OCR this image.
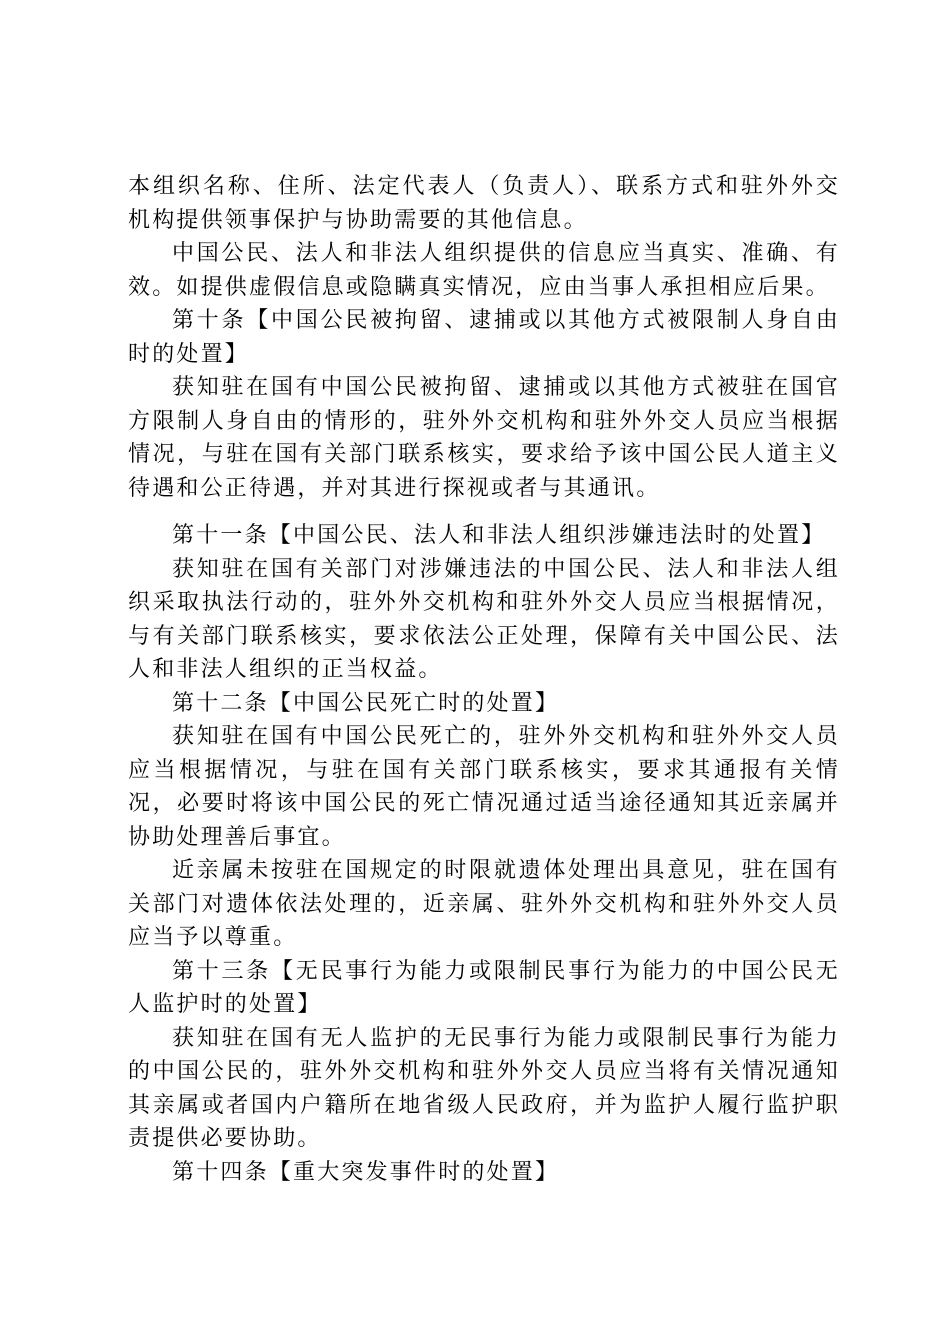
本组织名称、住所、法定代表人（负责人）、联系方式和驻外外交机构提供领事保护与协助需要的其他信息。

中国公民、法人和非法人组织提供的信息应当真实、准确、有效。如提供虚假信息或隐瞒真实情况，应由当事人承担相应后果。

第十条【中国公民被拘留、逮捕或以其他方式被限制人身自由时的处置】

获知驻在国有中国公民被拘留、逮捕或以其他方式被驻在国官方限制人身自由的情形的，驻外外交机构和驻外外交人员应当根据情况，与驻在国有关部门联系核实，要求给予该中国公民人道主义待遇和公正待遇，并对其进行探视或者与其通讯。

第十一条【中国公民、法人和非法人组织涉嫌违法时的处置】

获知驻在国有关部门对涉嫌违法的中国公民、法人和非法人组织采取执法行动的，驻外外交机构和驻外外交人员应当根据情况，与有关部门联系核实，要求依法公正处理，保障有关中国公民、法人和非法人组织的正当权益。

第十二条【中国公民死亡时的处置】

获知驻在国有中国公民死亡的，驻外外交机构和驻外外交人员应当根据情况，与驻在国有关部门联系核实，要求其通报有关情况，必要时将该中国公民的死亡情况通过适当途径通知其近亲属并协助处理善后事宜。

近亲属未按驻在国规定的时限就遗体处理出具意见，驻在国有关部门对遗体依法处理的，近亲属、驻外外交机构和驻外外交人员应当予以尊重。

第十三条【无民事行为能力或限制民事行为能力的中国公民无人监护时的处置】

获知驻在国有无人监护的无民事行为能力或限制民事行为能力的中国公民的，驻外外交机构和驻外外交人员应当将有关情况通知其亲属或者国内户籍所在地省级人民政府，并为监护人履行监护职责提供必要协助。

第十四条【重大突发事件时的处置】
